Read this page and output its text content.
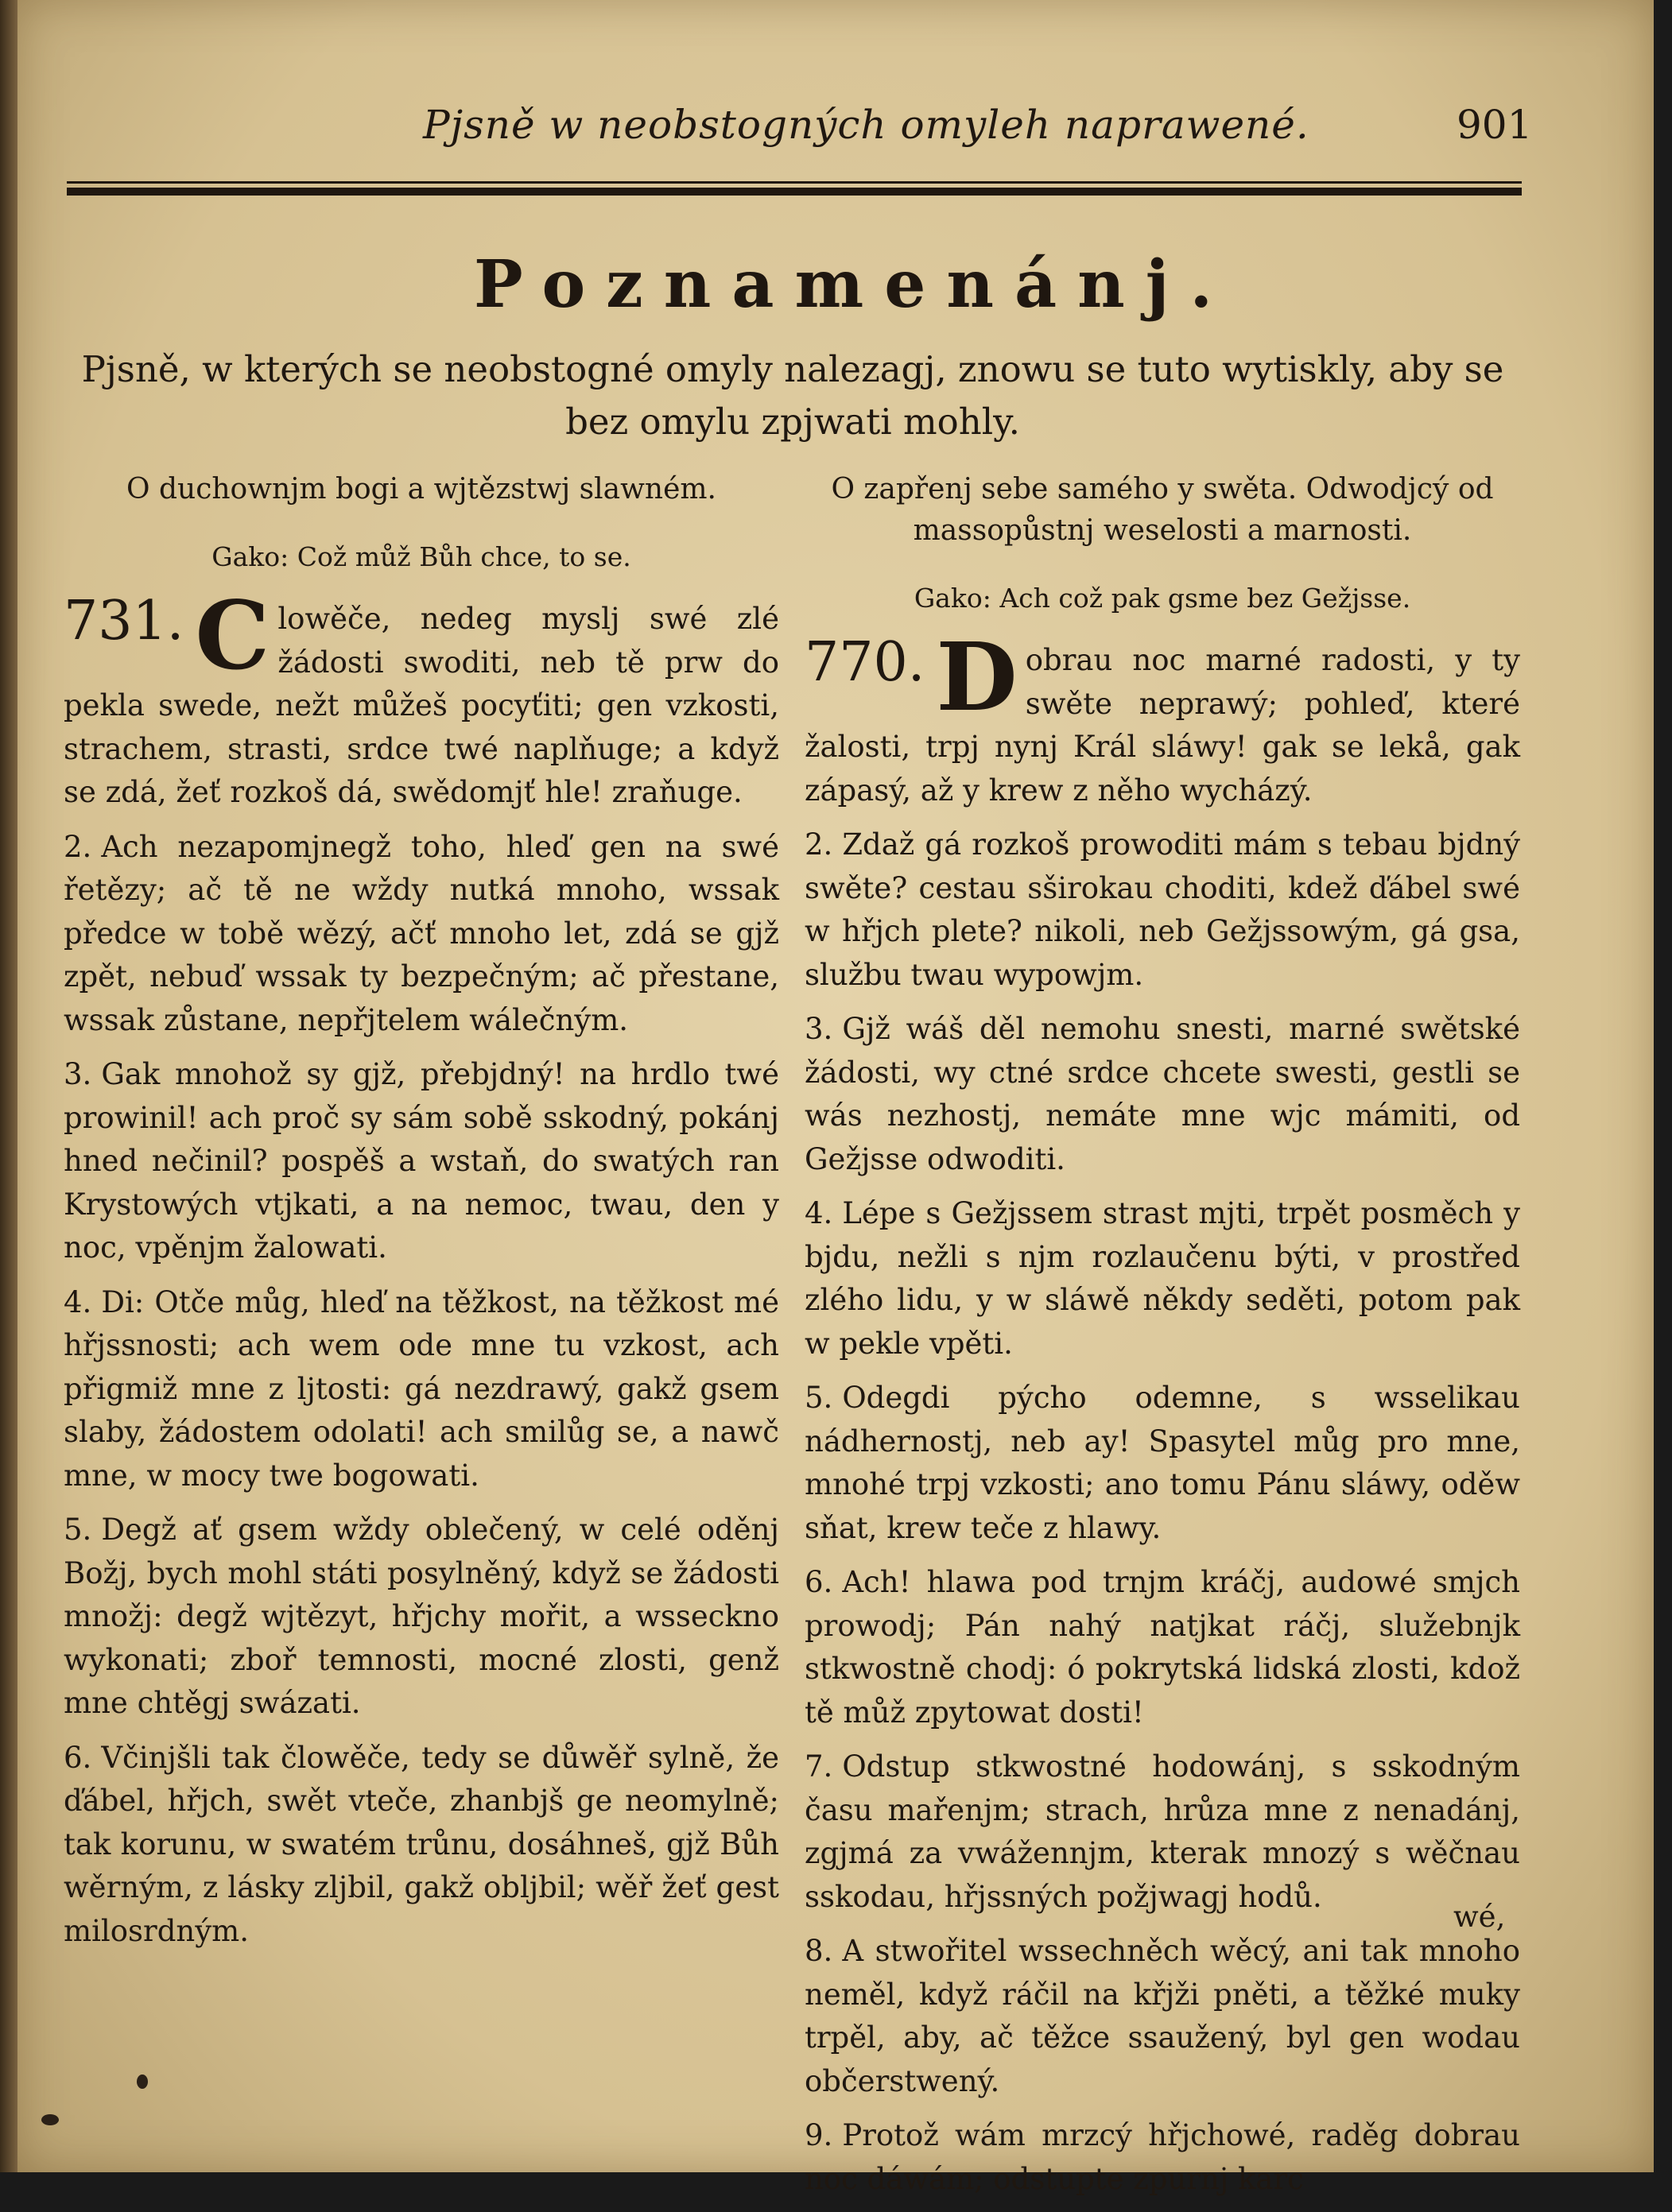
Pjsně w neobstogných omyleh naprawené.	901
Poznamenánj.
Pjsně, w kterých se neobstogné omyly nalezagj, znowu se tuto wytiskly, aby se bez omylu zpjwati mohly.
O duchownjm bogi a wjtězstwj slawném.
Gako: Což můž Bůh chce, to se.

731. C lowěče, nedeg myslj swé zlé žádosti swoditi, neb tě prw do pekla swede, nežt můžeš pocyťiti; gen vzkosti, strachem, strasti, srdce twé naplňuge; a když se zdá, žeť rozkoš dá, swědomjť hle! zraňuge.

2. Ach nezapomjnegž toho, hleď gen na swé řetězy; ač tě ne wždy nutká mnoho, wssak předce w tobě wězý, ačť mnoho let, zdá se gjž zpět, nebuď wssak ty bezpečným; ač přestane, wssak zůstane, nepřjtelem wálečným.

3. Gak mnohož sy gjž, přebjdný! na hrdlo twé prowinil! ach proč sy sám sobě sskodný, pokánj hned nečinil? pospěš a wstaň, do swatých ran Krystowých vtjkati, a na nemoc, twau, den y noc, vpěnjm žalowati.

4. Di: Otče můg, hleď na těžkost, na těžkost mé hřjssnosti; ach wem ode mne tu vzkost, ach přigmiž mne z ljtosti: gá nezdrawý, gakž gsem slaby, žádostem odolati! ach smilůg se, a nawč mne, w mocy twe bogowati.

5. Degž ať gsem wždy oblečený, w celé oděnj Božj, bych mohl státi posylněný, když se žádosti množj: degž wjtězyt, hřjchy mořit, a wsseckno wykonati; zboř temnosti, mocné zlosti, genž mne chtěgj swázati.

6. Včinjšli tak člowěče, tedy se důwěř sylně, že ďábel, hřjch, swět vteče, zhanbjš ge neomylně; tak korunu, w swatém trůnu, dosáhneš, gjž Bůh wěrným, z lásky zljbil, gakž obljbil; wěř žeť gest milosrdným.

O zapřenj sebe samého y swěta. Odwodjcý od massopůstnj weselosti a marnosti.
Gako: Ach což pak gsme bez Gežjsse.

770. D obrau noc marné radosti, y ty swěte neprawý; pohleď, které žalosti, trpj nynj Král sláwy! gak se lekå, gak zápasý, až y krew z něho wycházý.

2. Zdaž gá rozkoš prowoditi mám s tebau bjdný swěte? cestau sširokau choditi, kdež ďábel swé w hřjch plete? nikoli, neb Gežjssowým, gá gsa, službu twau wypowjm.

3. Gjž wáš děl nemohu snesti, marné swětské žádosti, wy ctné srdce chcete swesti, gestli se wás nezhostj, nemáte mne wjc mámiti, od Gežjsse odwoditi.

4. Lépe s Gežjssem strast mjti, trpět posměch y bjdu, nežli s njm rozlaučenu býti, v prostřed zlého lidu, y w sláwě někdy seděti, potom pak w pekle vpěti.

5. Odegdi pýcho odemne, s wsselikau nádhernostj, neb ay! Spasytel můg pro mne, mnohé trpj vzkosti; ano tomu Pánu sláwy, oděw sňat, krew teče z hlawy.

6. Ach! hlawa pod trnjm kráčj, audowé smjch prowodj; Pán nahý natjkat ráčj, služebnjk stkwostně chodj: ó pokrytská lidská zlosti, kdož tě můž zpytowat dosti!

7. Odstup stkwostné hodowánj, s sskodným času mařenjm; strach, hrůza mne z nenadánj, zgjmá za vwážennjm, kterak mnozý s wěčnau sskodau, hřjssných požjwagj hodů.

8. A stwořitel wssechněch wěcý, ani tak mnoho neměl, když ráčil na křjži pněti, a těžké muky trpěl, aby, ač těžce ssaužený, byl gen wodau občerstwený.

9. Protož wám mrzcý hřjchowé, raděg dobrau noc dáwám; odstupte zpurnj karc

wé,
